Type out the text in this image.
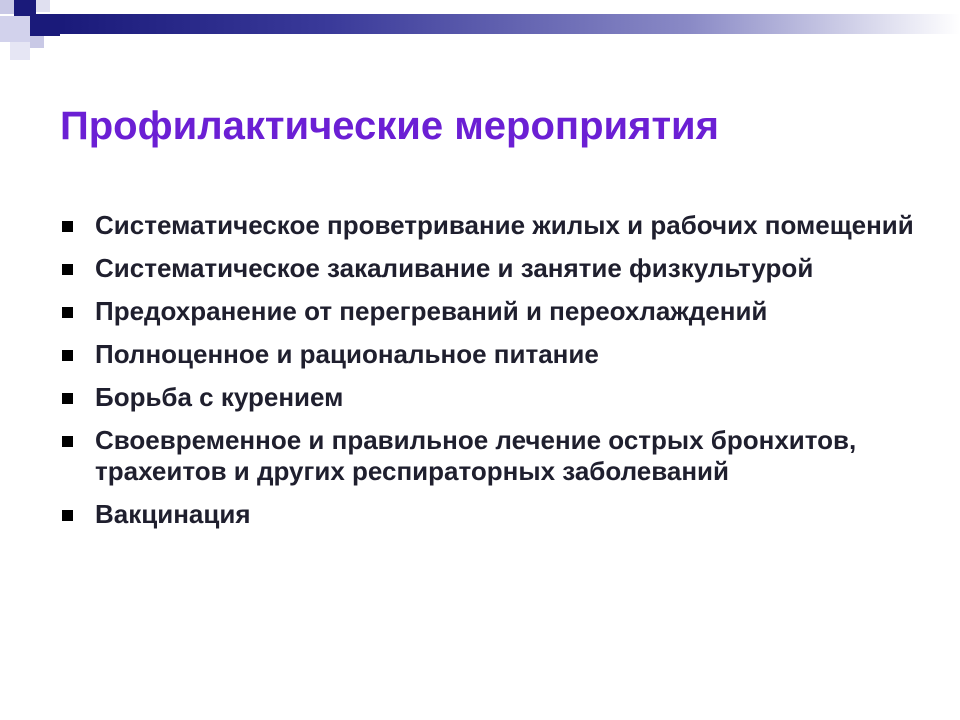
Профилактические мероприятия
Систематическое проветривание жилых и рабочих помещений
Систематическое закаливание и занятие физкультурой
Предохранение от перегреваний и переохлаждений
Полноценное и рациональное питание
Борьба с курением
Своевременное и правильное лечение острых бронхитов, трахеитов и других респираторных заболеваний
Вакцинация
